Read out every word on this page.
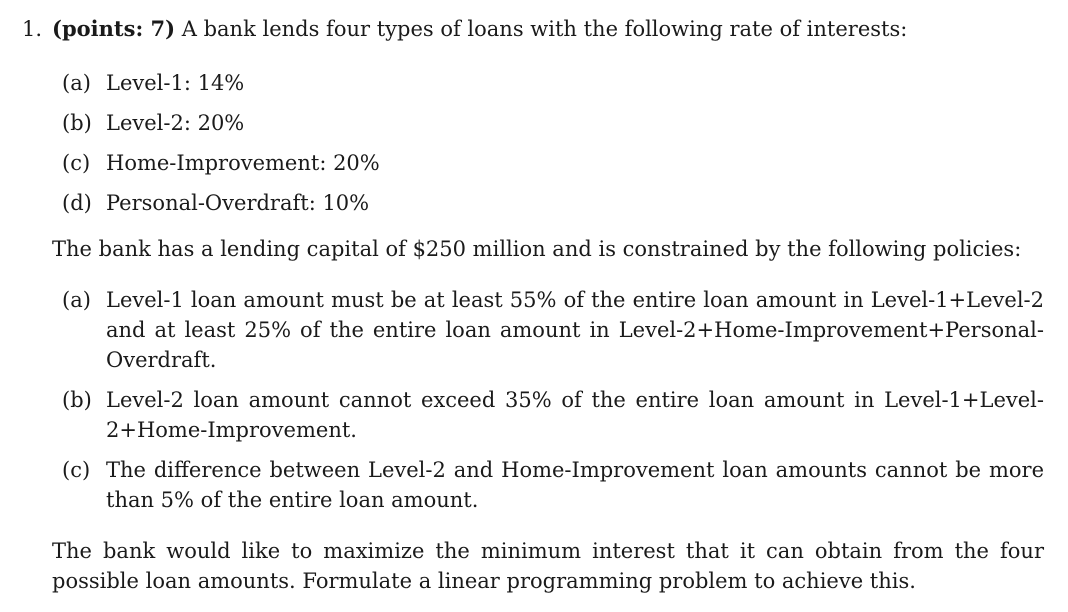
1. (points: 7) A bank lends four types of loans with the following rate of interests:
(a) Level-1: 14%
(b) Level-2: 20%
(c) Home-Improvement: 20%
(d) Personal-Overdraft: 10%
The bank has a lending capital of $250 million and is constrained by the following policies:
(a) Level-1 loan amount must be at least 55% of the entire loan amount in Level-1+Level-2 and at least 25% of the entire loan amount in Level-2+Home-Improvement+Personal-Overdraft.
(b) Level-2 loan amount cannot exceed 35% of the entire loan amount in Level-1+Level-2+Home-Improvement.
(c) The difference between Level-2 and Home-Improvement loan amounts cannot be more than 5% of the entire loan amount.
The bank would like to maximize the minimum interest that it can obtain from the four possible loan amounts. Formulate a linear programming problem to achieve this.
